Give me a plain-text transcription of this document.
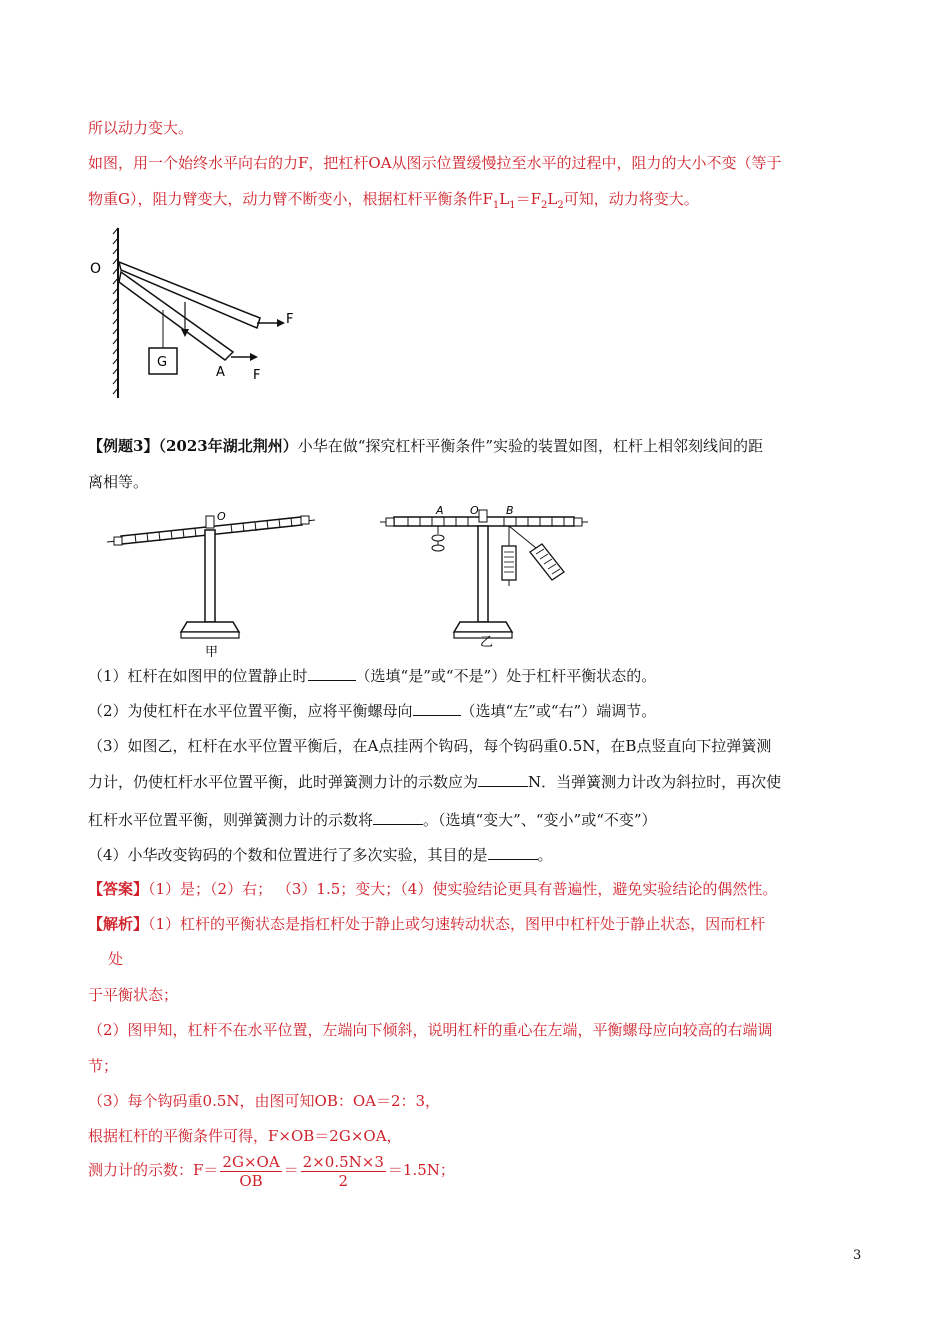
所以动力变大。
如图，用一个始终水平向右的力F，把杠杆OA从图示位置缓慢拉至水平的过程中，阻力的大小不变（等于
物重G），阻力臂变大，动力臂不断变小，根据杠杆平衡条件$F_1L_1=F_2L_2$可知，动力将变大。
O
F
F
A
G
【例题3】（2023年湖北荆州）小华在做“探究杠杆平衡条件”实验的装置如图，杠杆上相邻刻线间的距
离相等。
O
甲
A O B
乙
（1）杠杆在如图甲的位置静止时	（选填“是”或“不是”）处于杠杆平衡状态的。
（2）为使杠杆在水平位置平衡，应将平衡螺母向	（选填“左”或“右”）端调节。
（3）如图乙，杠杆在水平位置平衡后，在A点挂两个钩码，每个钩码重0.5N，在B点竖直向下拉弹簧测
力计，仍使杠杆水平位置平衡，此时弹簧测力计的示数应为	N．当弹簧测力计改为斜拉时，再次使
杠杆水平位置平衡，则弹簧测力计的示数将	。（选填“变大”、“变小”或“不变”）
（4）小华改变钩码的个数和位置进行了多次实验，其目的是	。
【答案】（1）是；（2）右； （3）1.5；变大；（4）使实验结论更具有普遍性，避免实验结论的偶然性。
【解析】（1）杠杆的平衡状态是指杠杆处于静止或匀速转动状态，图甲中杠杆处于静止状态，因而杠杆
处
于平衡状态；
（2）图甲知，杠杆不在水平位置，左端向下倾斜，说明杠杆的重心在左端，平衡螺母应向较高的右端调
节；
（3）每个钩码重0.5N，由图可知OB：OA＝2：3，
根据杠杆的平衡条件可得，F×OB＝2G×OA，
测力计的示数：$F= \frac{2G\times OA}{OB} = \frac{2\times 0.5N\times 3}{2} =1.5N$；
3
